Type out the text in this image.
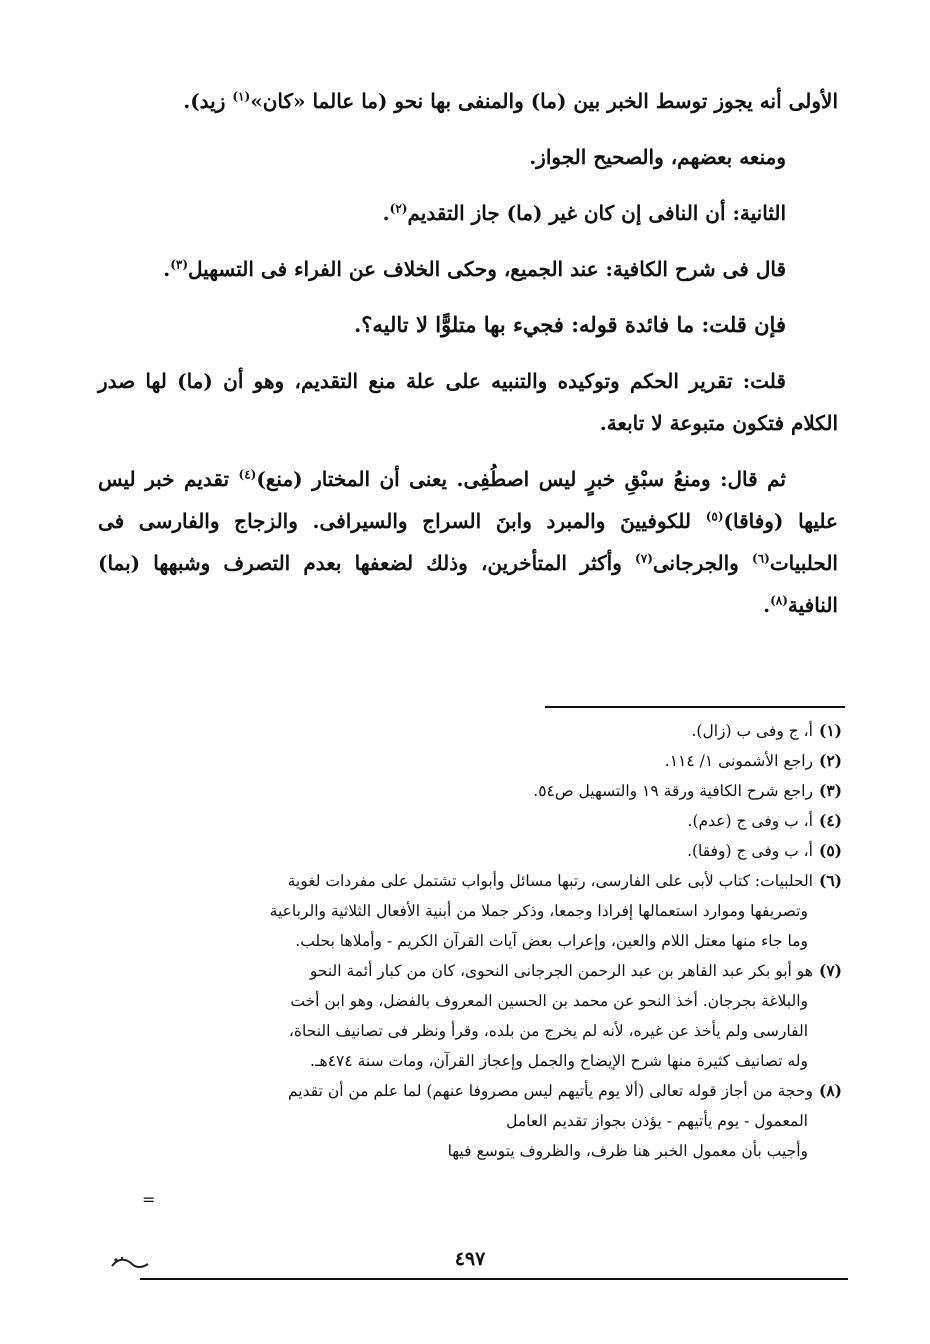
الأولى أنه يجوز توسط الخبر بين (ما) والمنفى بها نحو (ما عالما «كان»$^{(١)}$ زيد).

ومنعه بعضهم، والصحيح الجواز.

الثانية: أن النافى إن كان غير (ما) جاز التقديم$^{(٢)}$.

قال فى شرح الكافية: عند الجميع، وحكى الخلاف عن الفراء فى التسهيل$^{(٣)}$.

فإن قلت: ما فائدة قوله: فجيء بها متلوًّا لا تاليه؟.

قلت: تقرير الحكم وتوكيده والتنبيه على علة منع التقديم، وهو أن (ما) لها صدر الكلام فتكون متبوعة لا تابعة.

ثم قال: ومنعُ سبْقِ خبرٍ ليس اصطُفِى. يعنى أن المختار (منع)$^{(٤)}$ تقديم خبر ليس عليها (وفاقا)$^{(٥)}$ للكوفيينَ والمبرد وابنَ السراج والسيرافى. والزجاج والفارسى فى الحلبيات$^{(٦)}$ والجرجانى$^{(٧)}$ وأكثر المتأخرين، وذلك لضعفها بعدم التصرف وشبهها (بما) النافية$^{(٨)}$.

(١)أ، ج وفى ب (زال).

(٢)راجع الأشمونى ١/ ١١٤.

(٣)راجع شرح الكافية ورقة ١٩ والتسهيل ص٥٤.

(٤)أ، ب وفى ج (عدم).

(٥)أ، ب وفى ج (وفقا).

(٦)الحلبيات: كتاب لأبى على الفارسى، رتبها مسائل وأبواب تشتمل على مفردات لغوية

وتصريفها وموارد استعمالها إفرادا وجمعا، وذكر جملا من أبنية الأفعال الثلاثية والرباعية

وما جاء منها معتل اللام والعين، وإعراب بعض آيات القرآن الكريم - وأملاها بحلب.

(٧)هو أبو بكر عبد القاهر بن عبد الرحمن الجرجانى النحوى، كان من كبار أئمة النحو

والبلاغة بجرجان. أخذ النحو عن محمد بن الحسين المعروف بالفضل، وهو ابن أخت

الفارسى ولم يأخذ عن غيره، لأنه لم يخرج من بلده، وقرأ ونظر فى تصانيف النحاة،

وله تصانيف كثيرة منها شرح الإيضاح والجمل وإعجاز القرآن، ومات سنة ٤٧٤هـ.

(٨)وحجة من أجاز قوله تعالى (ألا يوم يأتيهم ليس مصروفا عنهم) لما علم من أن تقديم

المعمول - يوم يأتيهم - يؤذن بجواز تقديم العامل

وأجيب بأن معمول الخبر هنا ظرف، والظروف يتوسع فيها

=
٤٩٧
